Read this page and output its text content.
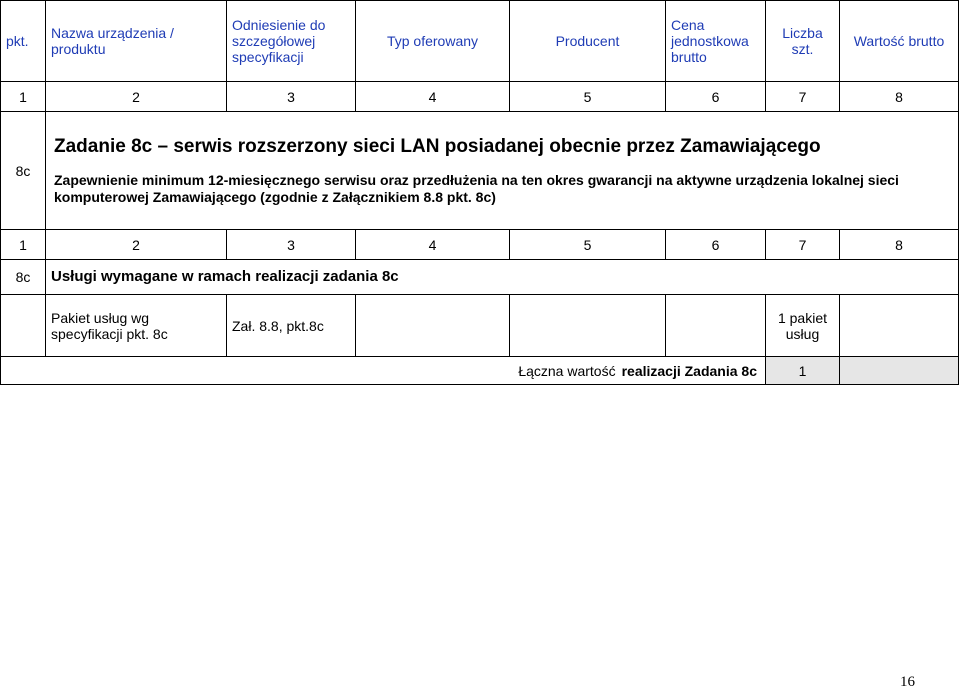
pkt.	Nazwa urządzenia / produktu	Odniesienie do szczegółowej specyfikacji	Typ oferowany	Producent	Cena jednostkowa brutto	Liczba szt.	Wartość brutto
1	2	3	4	5	6	7	8
8c	Zadanie 8c – serwis rozszerzony sieci LAN posiadanej obecnie przez Zamawiającego
Zapewnienie minimum 12-miesięcznego serwisu oraz przedłużenia na ten okres gwarancji na aktywne urządzenia lokalnej sieci komputerowej Zamawiającego (zgodnie z Załącznikiem 8.8 pkt. 8c)						

1	2	3	4	5	6	7	8
8c	Usługi wymagane w ramach realizacji zadania 8c						
	Pakiet usług wg specyfikacji pkt. 8c	Zał. 8.8, pkt.8c				1 pakiet usług	
Łączna wartość realizacji Zadania 8c						1	
16
